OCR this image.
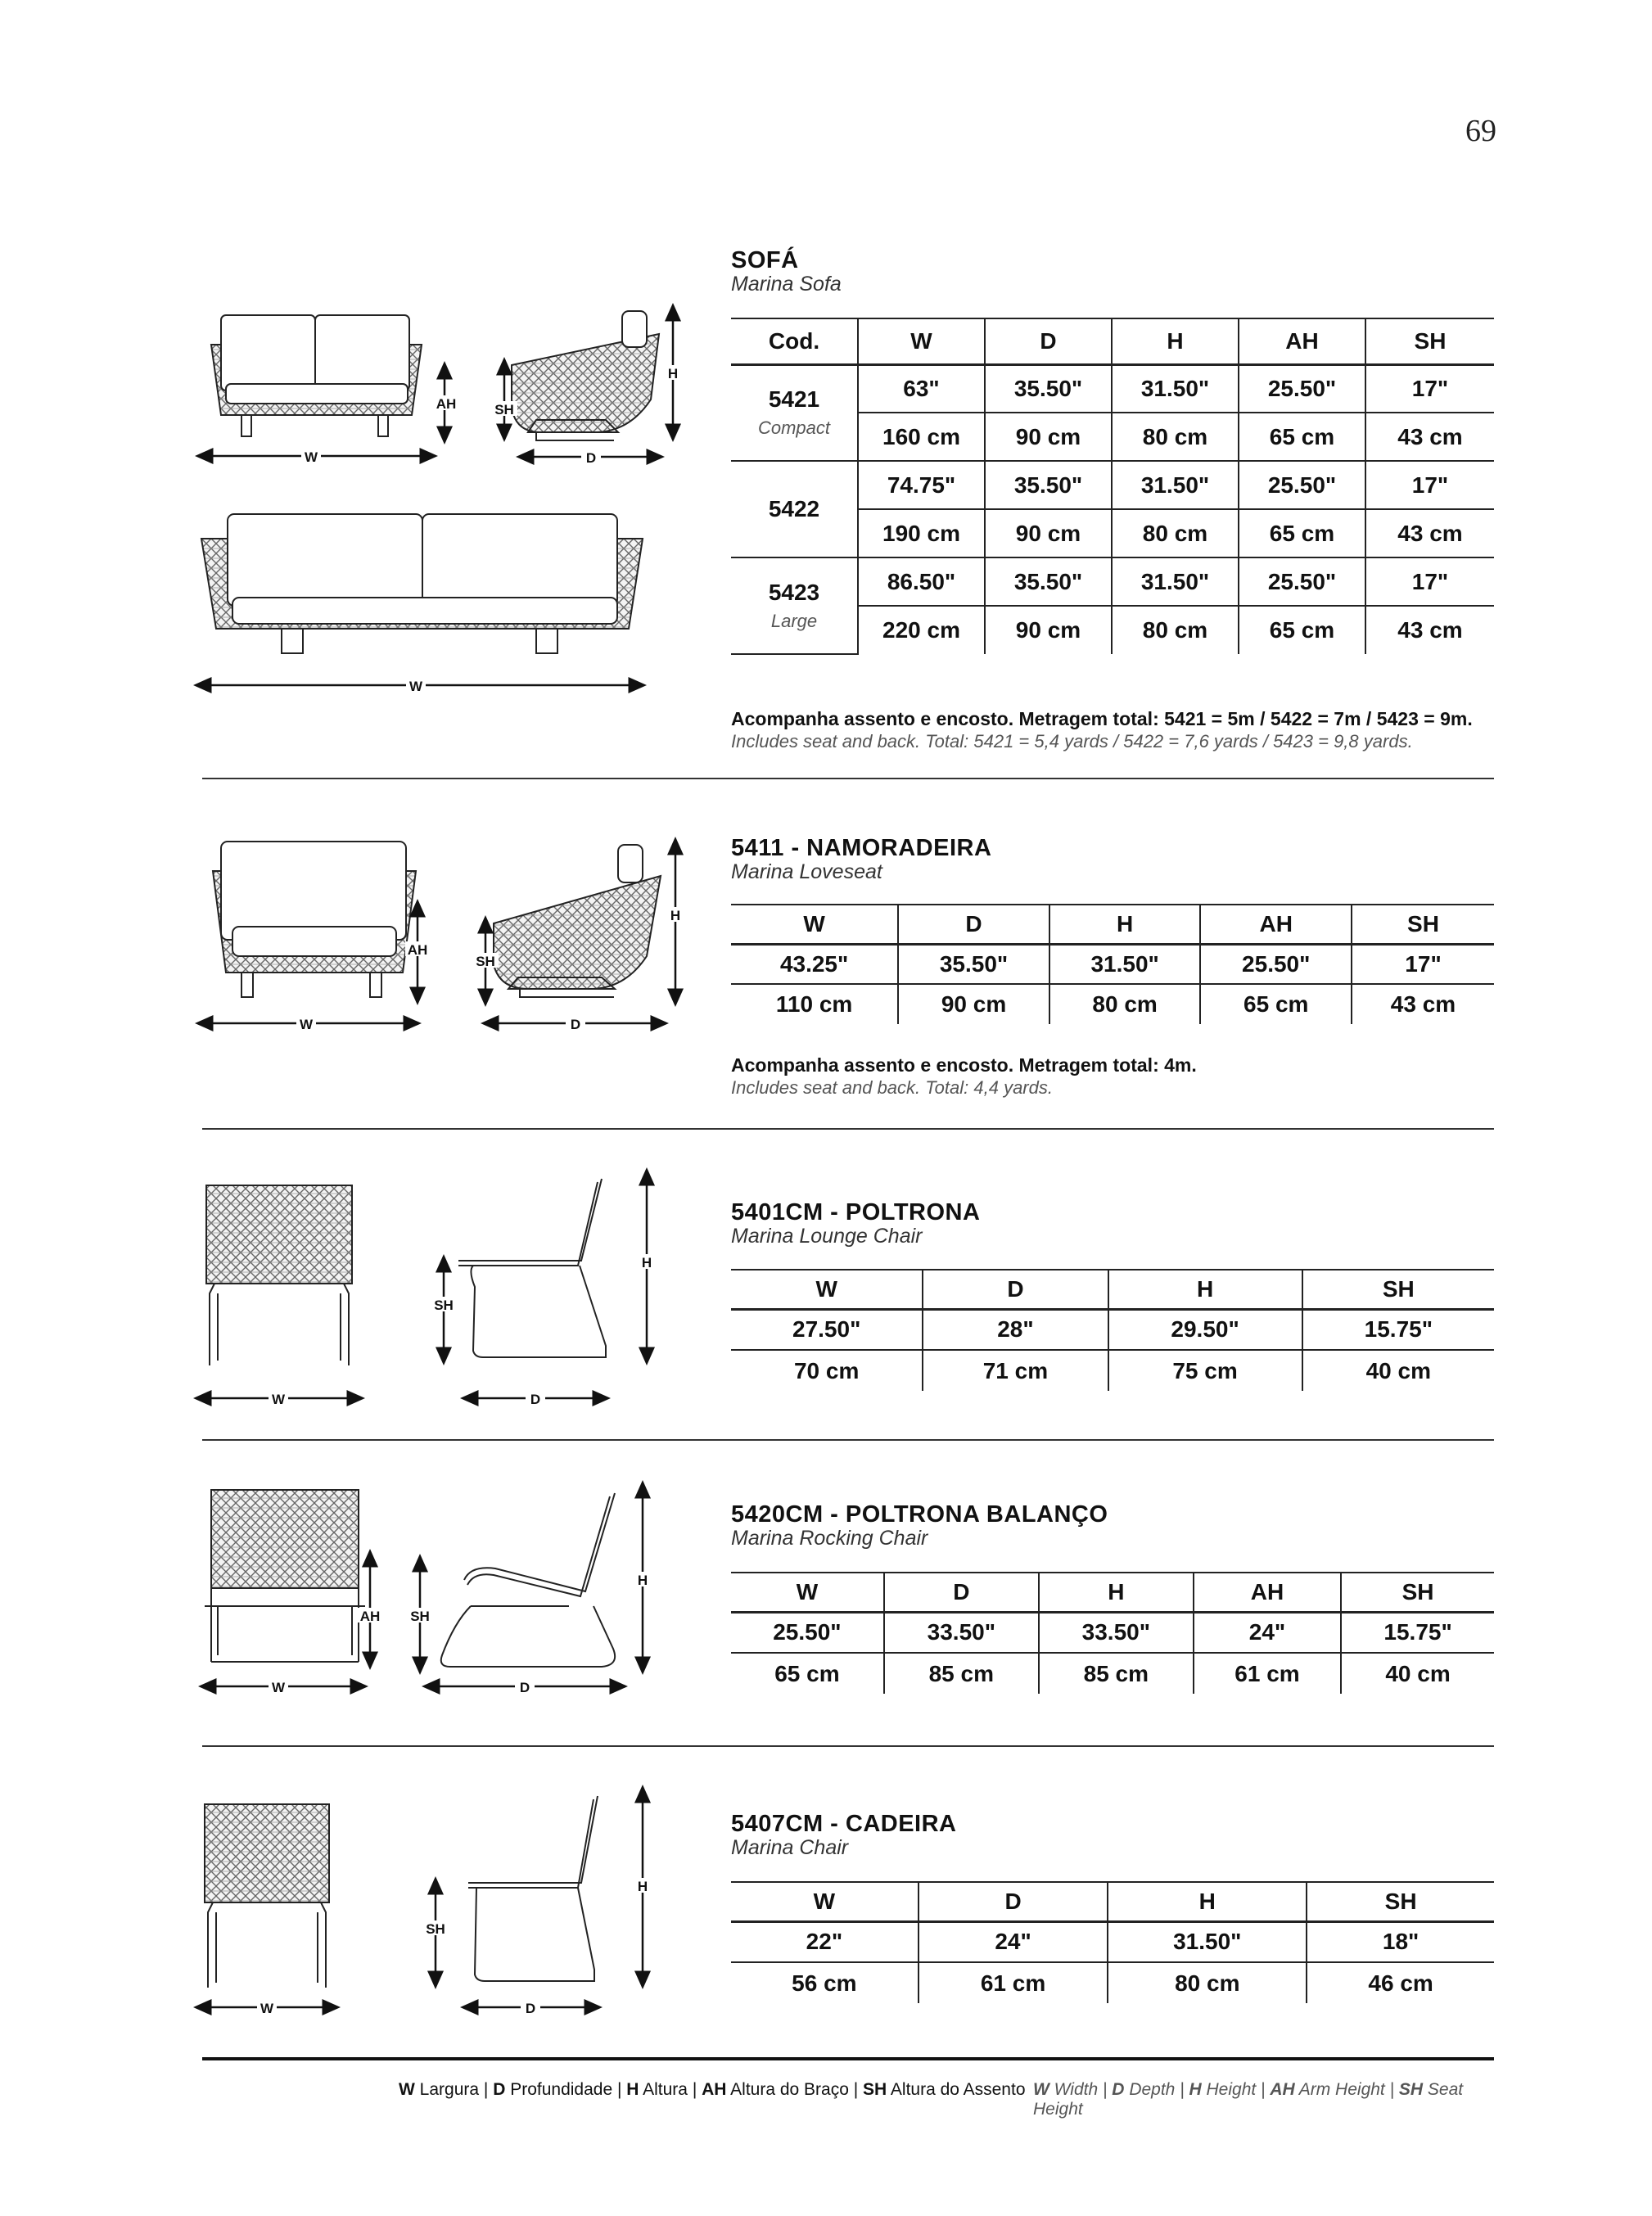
69
W
AH	SH
H
D
W
SOFÁ
Marina Sofa
Cod.	W	D	H	AH	SH

5421
Compact	63"	35.50"	31.50"	25.50"	17"
	160 cm	90 cm	80 cm	65 cm	43 cm

5422	74.75"	35.50"	31.50"	25.50"	17"
	190 cm	90 cm	80 cm	65 cm	43 cm

5423
Large	86.50"	35.50"	31.50"	25.50"	17"
	220 cm	90 cm	80 cm	65 cm	43 cm
Acompanha assento e encosto. Metragem total: 5421 = 5m / 5422 = 7m / 5423 = 9m.
Includes seat and back. Total: 5421 = 5,4 yards / 5422 = 7,6 yards / 5423 = 9,8 yards.
W
AH
SH
H
D
5411 - NAMORADEIRA
Marina Loveseat
W	D	H	AH	SH
43.25"	35.50"	31.50"	25.50"	17"
110 cm	90 cm	80 cm	65 cm	43 cm
Acompanha assento e encosto. Metragem total: 4m.
Includes seat and back. Total: 4,4 yards.
W
SH
H
D
5401CM - POLTRONA
Marina Lounge Chair
W	D	H	SH
27.50"	28"	29.50"	15.75"
70 cm	71 cm	75 cm	40 cm
W
AH SH
H
D
5420CM - POLTRONA BALANÇO
Marina Rocking Chair
W	D	H	AH	SH
25.50"	33.50"	33.50"	24"	15.75"
65 cm	85 cm	85 cm	61 cm	40 cm
W
SH
H
D
5407CM - CADEIRA
Marina Chair
W	D	H	SH
22"	24"	31.50"	18"
56 cm	61 cm	80 cm	46 cm
W Largura | D Profundidade | H Altura | AH Altura do Braço | SH Altura do Assento W Width | D Depth | H Height | AH Arm Height | SH Seat Height
